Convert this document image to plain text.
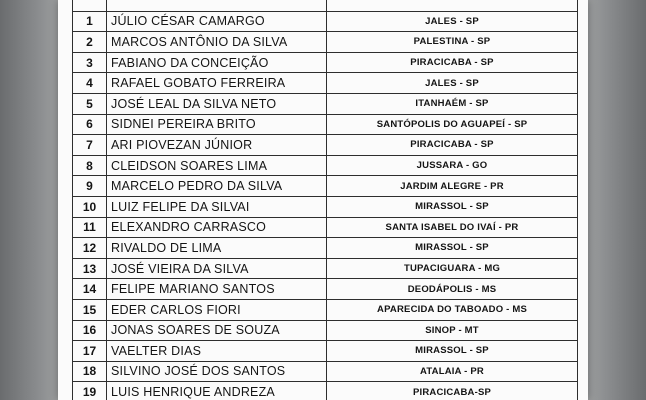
1	JÚLIO CÉSAR CAMARGO	JALES - SP
2	MARCOS ANTÔNIO DA SILVA	PALESTINA - SP
3	FABIANO DA CONCEIÇÃO	PIRACICABA - SP
4	RAFAEL GOBATO FERREIRA	JALES - SP
5	JOSÉ LEAL DA SILVA NETO	ITANHAÉM - SP
6	SIDNEI PEREIRA BRITO	SANTÓPOLIS DO AGUAPEÍ - SP
7	ARI PIOVEZAN JÚNIOR	PIRACICABA - SP
8	CLEIDSON SOARES LIMA	JUSSARA - GO
9	MARCELO PEDRO DA SILVA	JARDIM ALEGRE - PR
10	LUIZ FELIPE DA SILVAI	MIRASSOL - SP
11	ELEXANDRO CARRASCO	SANTA ISABEL DO IVAÍ - PR
12	RIVALDO DE LIMA	MIRASSOL - SP
13	JOSÉ VIEIRA DA SILVA	TUPACIGUARA - MG
14	FELIPE MARIANO SANTOS	DEODÁPOLIS - MS
15	EDER CARLOS FIORI	APARECIDA DO TABOADO - MS
16	JONAS SOARES DE SOUZA	SINOP - MT
17	VAELTER DIAS	MIRASSOL - SP
18	SILVINO JOSÉ DOS SANTOS	ATALAIA - PR
19	LUIS HENRIQUE ANDREZA	PIRACICABA-SP
